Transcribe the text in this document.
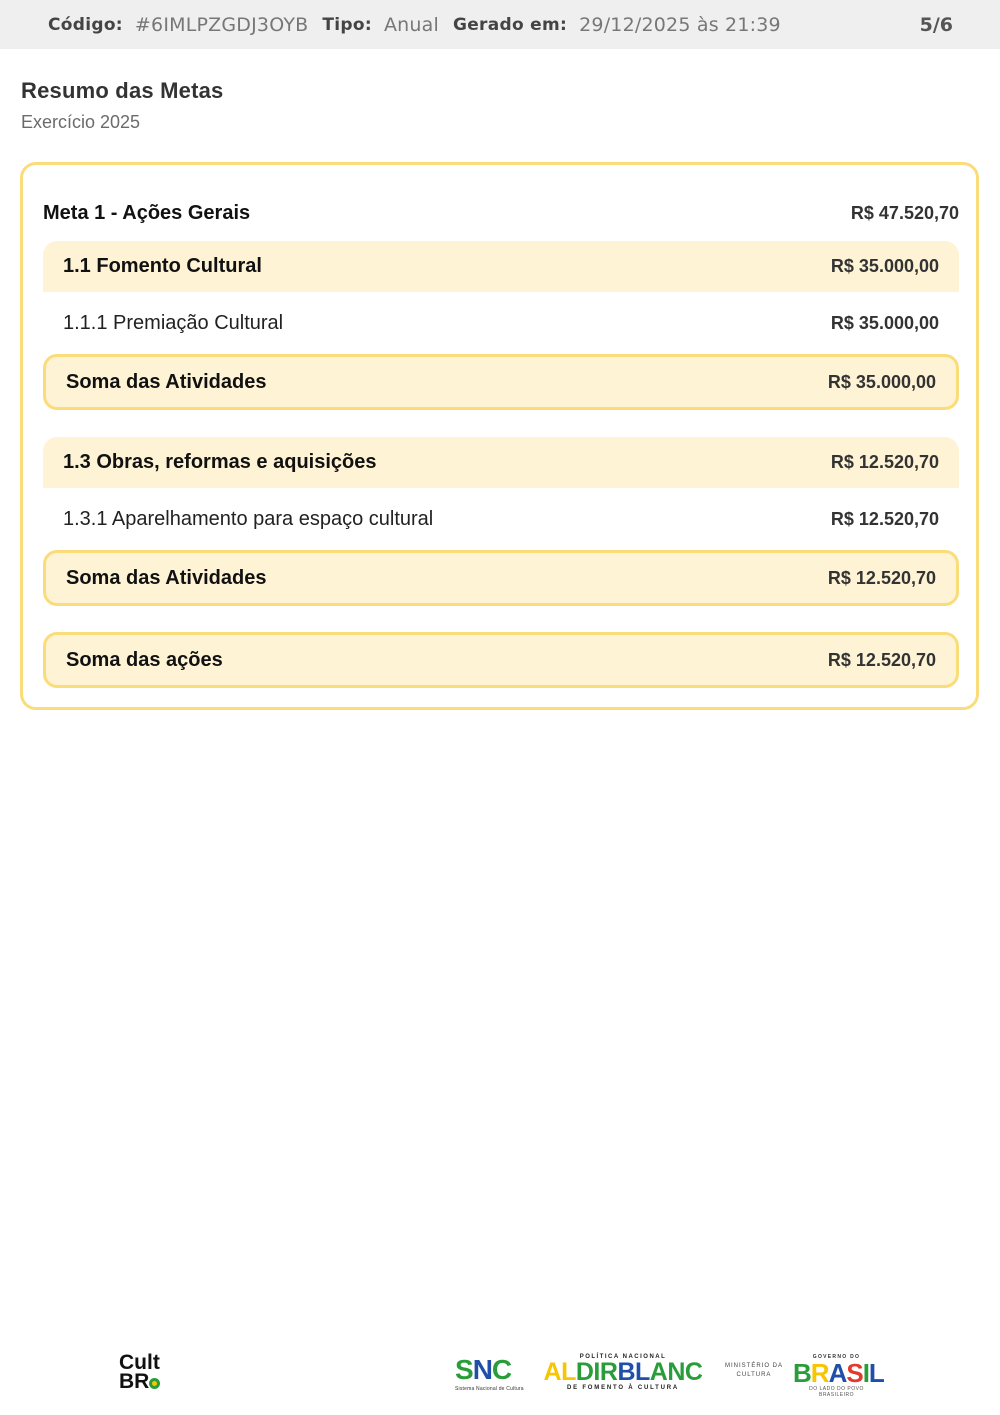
Código: #6IMLPZGDJ3OYB Tipo: Anual Gerado em: 29/12/2025 às 21:39	5/6
Resumo das Metas
Exercício 2025
Meta 1 - Ações Gerais	R$ 47.520,70
1.1 Fomento Cultural	R$ 35.000,00
1.1.1 Premiação Cultural	R$ 35.000,00
Soma das Atividades	R$ 35.000,00
1.3 Obras, reformas e aquisições	R$ 12.520,70
1.3.1 Aparelhamento para espaço cultural	R$ 12.520,70
Soma das Atividades	R$ 12.520,70
Soma das ações	R$ 12.520,70
Cult
BR	SNC
Sistema Nacional de Cultura
POLÍTICA NACIONAL
ALDIRBLANC
DE FOMENTO À CULTURA
MINISTÉRIO DA CULTURA
GOVERNO DO
BRASIL
DO LADO DO POVO BRASILEIRO
